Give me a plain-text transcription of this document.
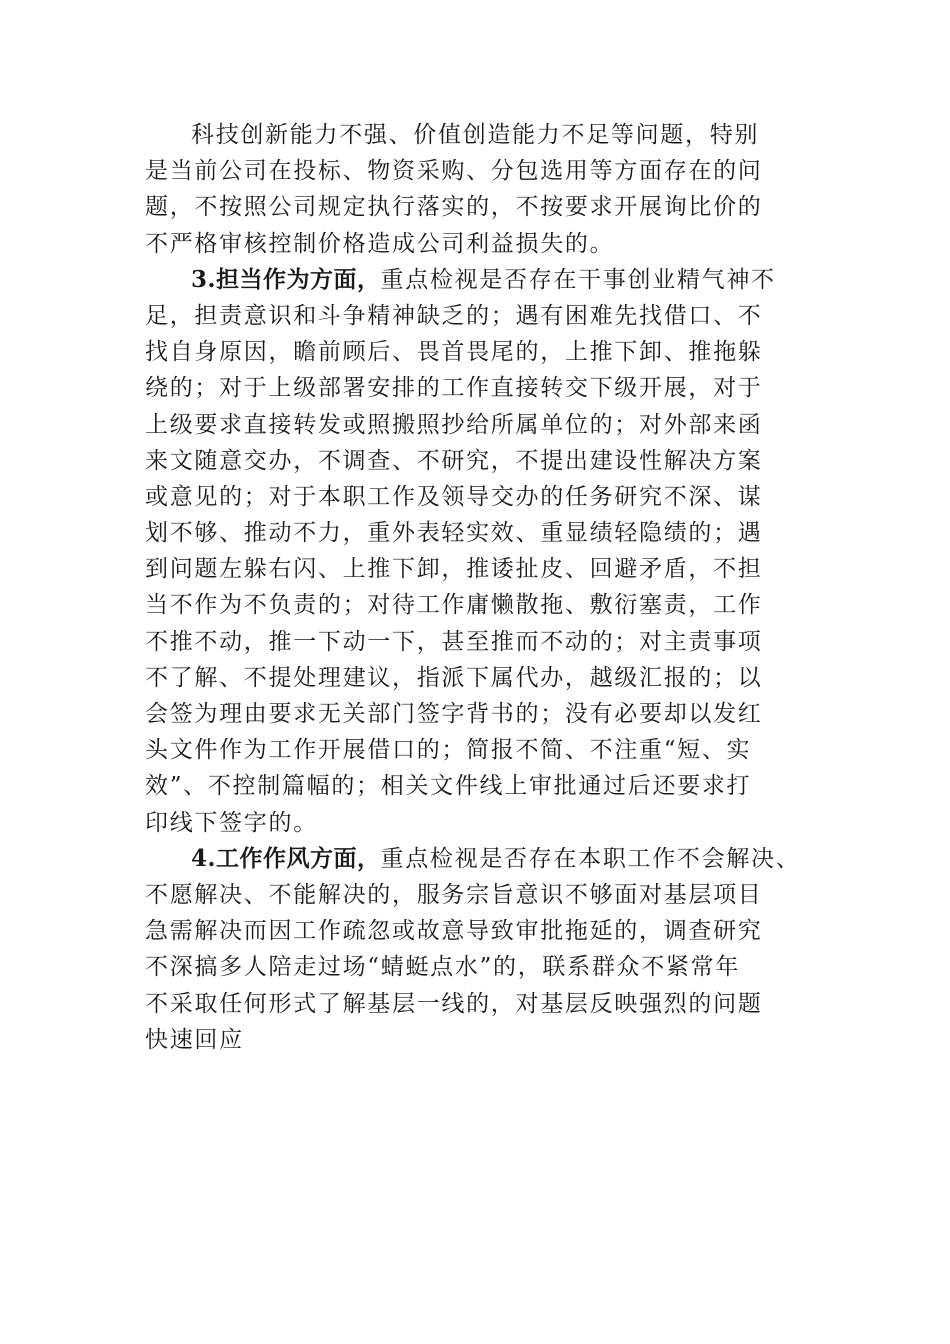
科技创新能力不强、价值创造能力不足等问题，特别
是当前公司在投标、物资采购、分包选用等方面存在的问
题，不按照公司规定执行落实的，不按要求开展询比价的
不严格审核控制价格造成公司利益损失的。
3.担当作为方面，重点检视是否存在干事创业精气神不
足，担责意识和斗争精神缺乏的；遇有困难先找借口、不
找自身原因，瞻前顾后、畏首畏尾的，上推下卸、推拖躲
绕的；对于上级部署安排的工作直接转交下级开展，对于
上级要求直接转发或照搬照抄给所属单位的；对外部来函
来文随意交办，不调查、不研究，不提出建设性解决方案
或意见的；对于本职工作及领导交办的任务研究不深、谋
划不够、推动不力，重外表轻实效、重显绩轻隐绩的；遇
到问题左躲右闪、上推下卸，推诿扯皮、回避矛盾，不担
当不作为不负责的；对待工作庸懒散拖、敷衍塞责，工作
不推不动，推一下动一下，甚至推而不动的；对主责事项
不了解、不提处理建议，指派下属代办，越级汇报的；以
会签为理由要求无关部门签字背书的；没有必要却以发红
头文件作为工作开展借口的；简报不简、不注重“短、实
效”、不控制篇幅的；相关文件线上审批通过后还要求打
印线下签字的。
4.工作作风方面，重点检视是否存在本职工作不会解决、
不愿解决、不能解决的，服务宗旨意识不够面对基层项目
急需解决而因工作疏忽或故意导致审批拖延的，调查研究
不深搞多人陪走过场“蜻蜓点水”的，联系群众不紧常年
不采取任何形式了解基层一线的，对基层反映强烈的问题
快速回应
